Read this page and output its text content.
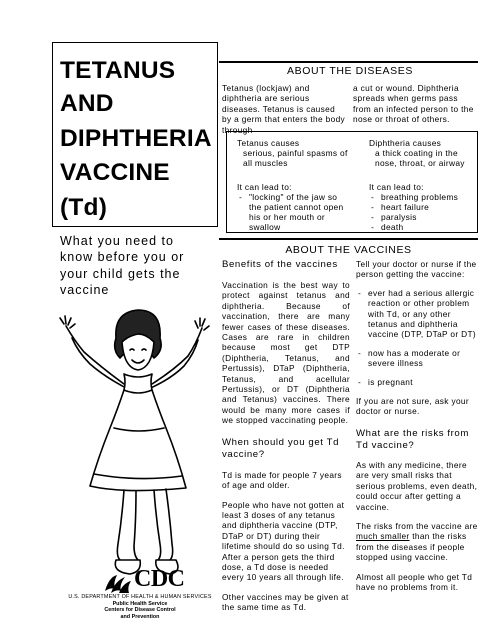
TETANUS
AND
DIPHTHERIA
VACCINE
(Td)
What you need to know before you or your child gets the vaccine
CDC
U.S. DEPARTMENT OF HEALTH & HUMAN SERVICES
Public Health Service
Centers for Disease Control
and Prevention
ABOUT THE DISEASES
Tetanus (lockjaw) and diphtheria are serious diseases. Tetanus is caused by a germ that enters the body through
a cut or wound. Diphtheria spreads when germs pass from an infected person to the nose or throat of others.
Tetanus causes
serious, painful spasms of all muscles
It can lead to:
- "locking" of the jaw so the patient cannot open his or her mouth or swallow
Diphtheria causes
a thick coating in the nose, throat, or airway
It can lead to:
- breathing problems
- heart failure
- paralysis
- death
ABOUT THE VACCINES
Benefits of the vaccines
Vaccination is the best way to protect against tetanus and diphtheria. Because of vaccination, there are many fewer cases of these diseases. Cases are rare in children because most get DTP (Diphtheria, Tetanus, and Pertussis), DTaP (Diphtheria, Tetanus, and acellular Pertussis), or DT (Diphtheria and Tetanus) vaccines. There would be many more cases if we stopped vaccinating people.
When should you get Td vaccine?
Td is made for people 7 years of age and older.
People who have not gotten at least 3 doses of any tetanus and diphtheria vaccine (DTP, DTaP or DT) during their lifetime should do so using Td. After a person gets the third dose, a Td dose is needed every 10 years all through life.
Other vaccines may be given at the same time as Td.
Tell your doctor or nurse if the person getting the vaccine:
- ever had a serious allergic reaction or other problem with Td, or any other tetanus and diphtheria vaccine (DTP, DTaP or DT)
- now has a moderate or severe illness
- is pregnant
If you are not sure, ask your doctor or nurse.
What are the risks from Td vaccine?
As with any medicine, there are very small risks that serious problems, even death, could occur after getting a vaccine.
The risks from the vaccine are much smaller than the risks from the diseases if people stopped using vaccine.
Almost all people who get Td have no problems from it.
